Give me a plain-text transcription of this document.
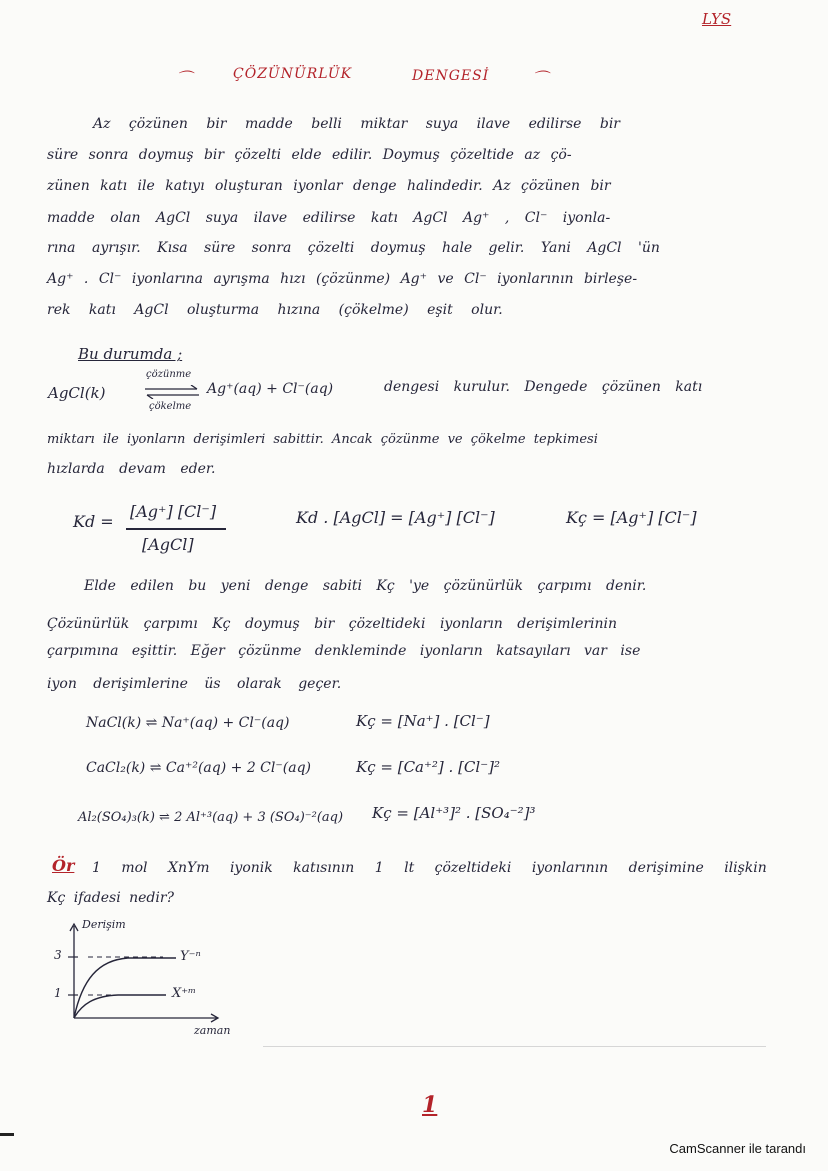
LYS
⌒	ÇÖZÜNÜRLÜK	DENGESİ	⌒
Az çözünen bir madde belli miktar suya ilave edilirse bir
süre sonra doymuş bir çözelti elde edilir. Doymuş çözeltide az çö-
zünen katı ile katıyı oluşturan iyonlar denge halindedir. Az çözünen bir
madde olan AgCl suya ilave edilirse katı AgCl Ag⁺ , Cl⁻ iyonla-
rına ayrışır. Kısa süre sonra çözelti doymuş hale gelir. Yani AgCl 'ün
Ag⁺ . Cl⁻ iyonlarına ayrışma hızı (çözünme) Ag⁺ ve Cl⁻ iyonlarının birleşe-
rek katı AgCl oluşturma hızına (çökelme) eşit olur.
Bu durumda ;
AgCl(k)
çözünme
çökelme
Ag⁺(aq) + Cl⁻(aq)	dengesi kurulur. Dengede çözünen katı
miktarı ile iyonların derişimleri sabittir. Ancak çözünme ve çökelme tepkimesi
hızlarda devam eder.
Kd =
[Ag⁺] [Cl⁻]
[AgCl]
Kd . [AgCl] = [Ag⁺] [Cl⁻]	Kç = [Ag⁺] [Cl⁻]
Elde edilen bu yeni denge sabiti Kç 'ye çözünürlük çarpımı denir.
Çözünürlük çarpımı Kç doymuş bir çözeltideki iyonların derişimlerinin
çarpımına eşittir. Eğer çözünme denkleminde iyonların katsayıları var ise
iyon derişimlerine üs olarak geçer.
NaCl(k) ⇌ Na⁺(aq) + Cl⁻(aq)	Kç = [Na⁺] . [Cl⁻]
CaCl₂(k) ⇌ Ca⁺²(aq) + 2 Cl⁻(aq)	Kç = [Ca⁺²] . [Cl⁻]²
Al₂(SO₄)₃(k) ⇌ 2 Al⁺³(aq) + 3 (SO₄)⁻²(aq) Kç = [Al⁺³]² . [SO₄⁻²]³
Ör 1 mol XnYm iyonik katısının 1 lt çözeltideki iyonlarının derişimine ilişkin
Kç ifadesi nedir?
Derişim
3
1
Y⁻ⁿ
X⁺ᵐ
zaman
1
CamScanner ile tarandı
